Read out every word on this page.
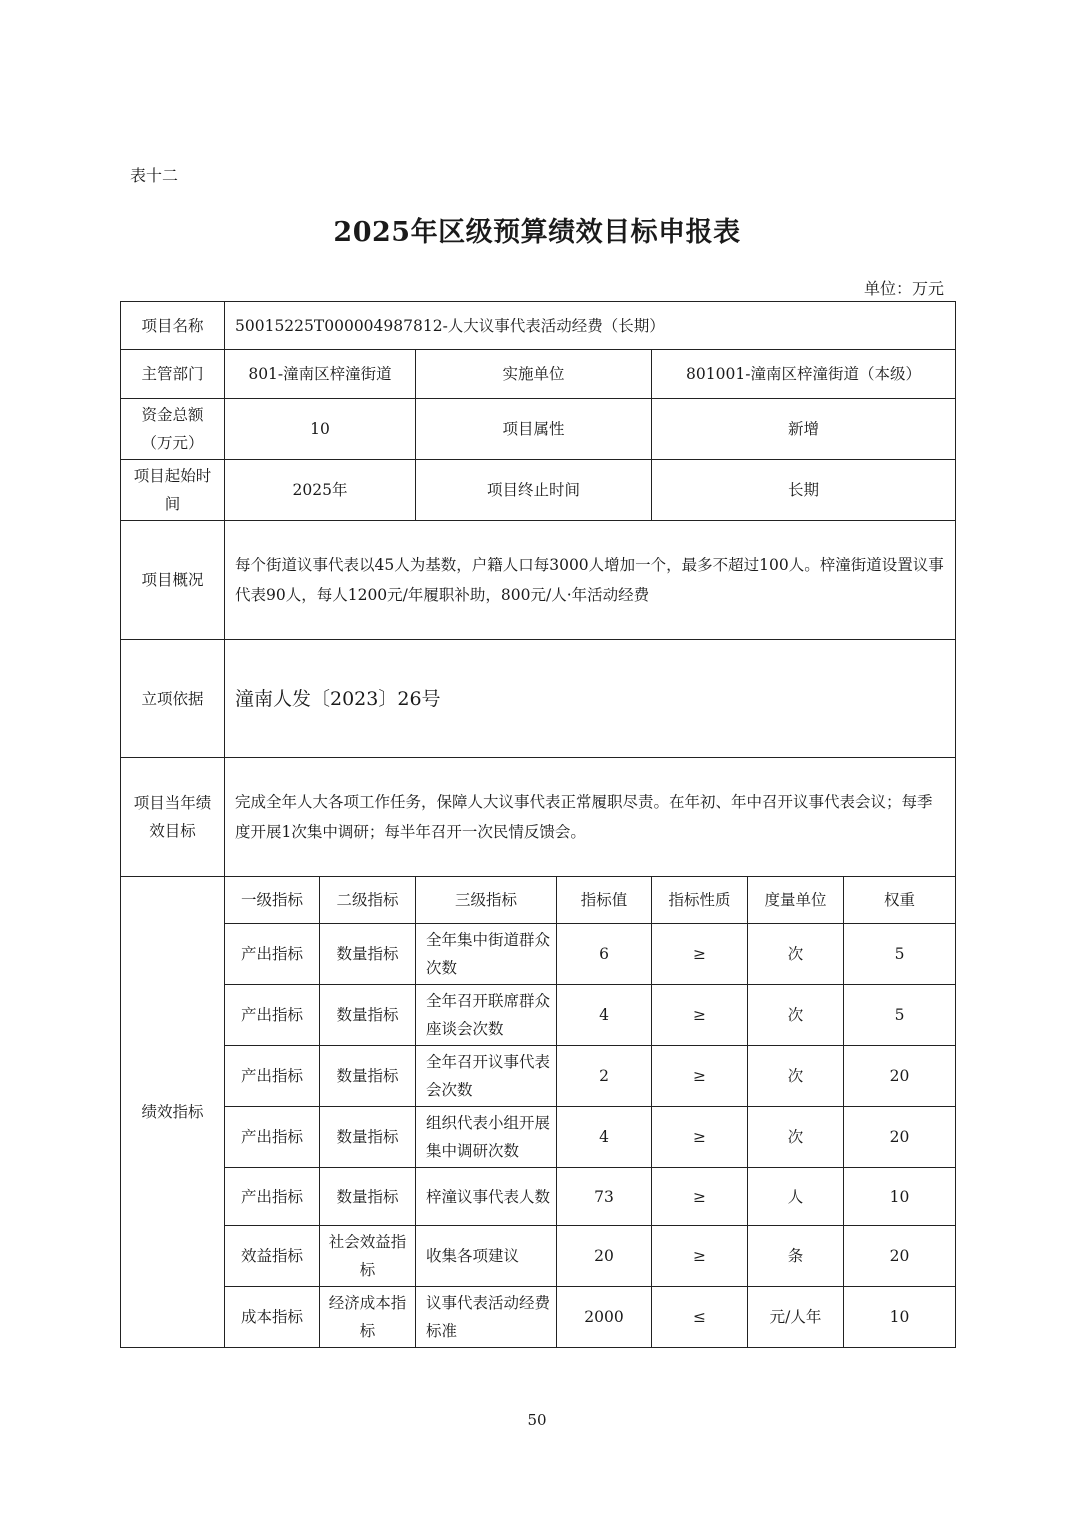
表十二
2025年区级预算绩效目标申报表
单位：万元
项目名称	50015225T000004987812-人大议事代表活动经费（长期）						
主管部门	801-潼南区梓潼街道		实施单位		801001-潼南区梓潼街道（本级）		
资金总额（万元）	10		项目属性		新增		
项目起始时间	2025年		项目终止时间		长期		
项目概况	每个街道议事代表以45人为基数，户籍人口每3000人增加一个，最多不超过100人。梓潼街道设置议事代表90人，每人1200元/年履职补助，800元/人·年活动经费						
立项依据	潼南人发〔2023〕26号						
项目当年绩效目标	完成全年人大各项工作任务，保障人大议事代表正常履职尽责。在年初、年中召开议事代表会议；每季度开展1次集中调研；每半年召开一次民情反馈会。						
绩效指标	一级指标	二级指标	三级指标	指标值	指标性质	度量单位	权重
	产出指标	数量指标	全年集中街道群众次数	6	≥	次	5
	产出指标	数量指标	全年召开联席群众座谈会次数	4	≥	次	5
	产出指标	数量指标	全年召开议事代表会次数	2	≥	次	20
	产出指标	数量指标	组织代表小组开展集中调研次数	4	≥	次	20
	产出指标	数量指标	梓潼议事代表人数	73	≥	人	10
	效益指标	社会效益指标	收集各项建议	20	≥	条	20
	成本指标	经济成本指标	议事代表活动经费标准	2000	≤	元/人年	10
50
